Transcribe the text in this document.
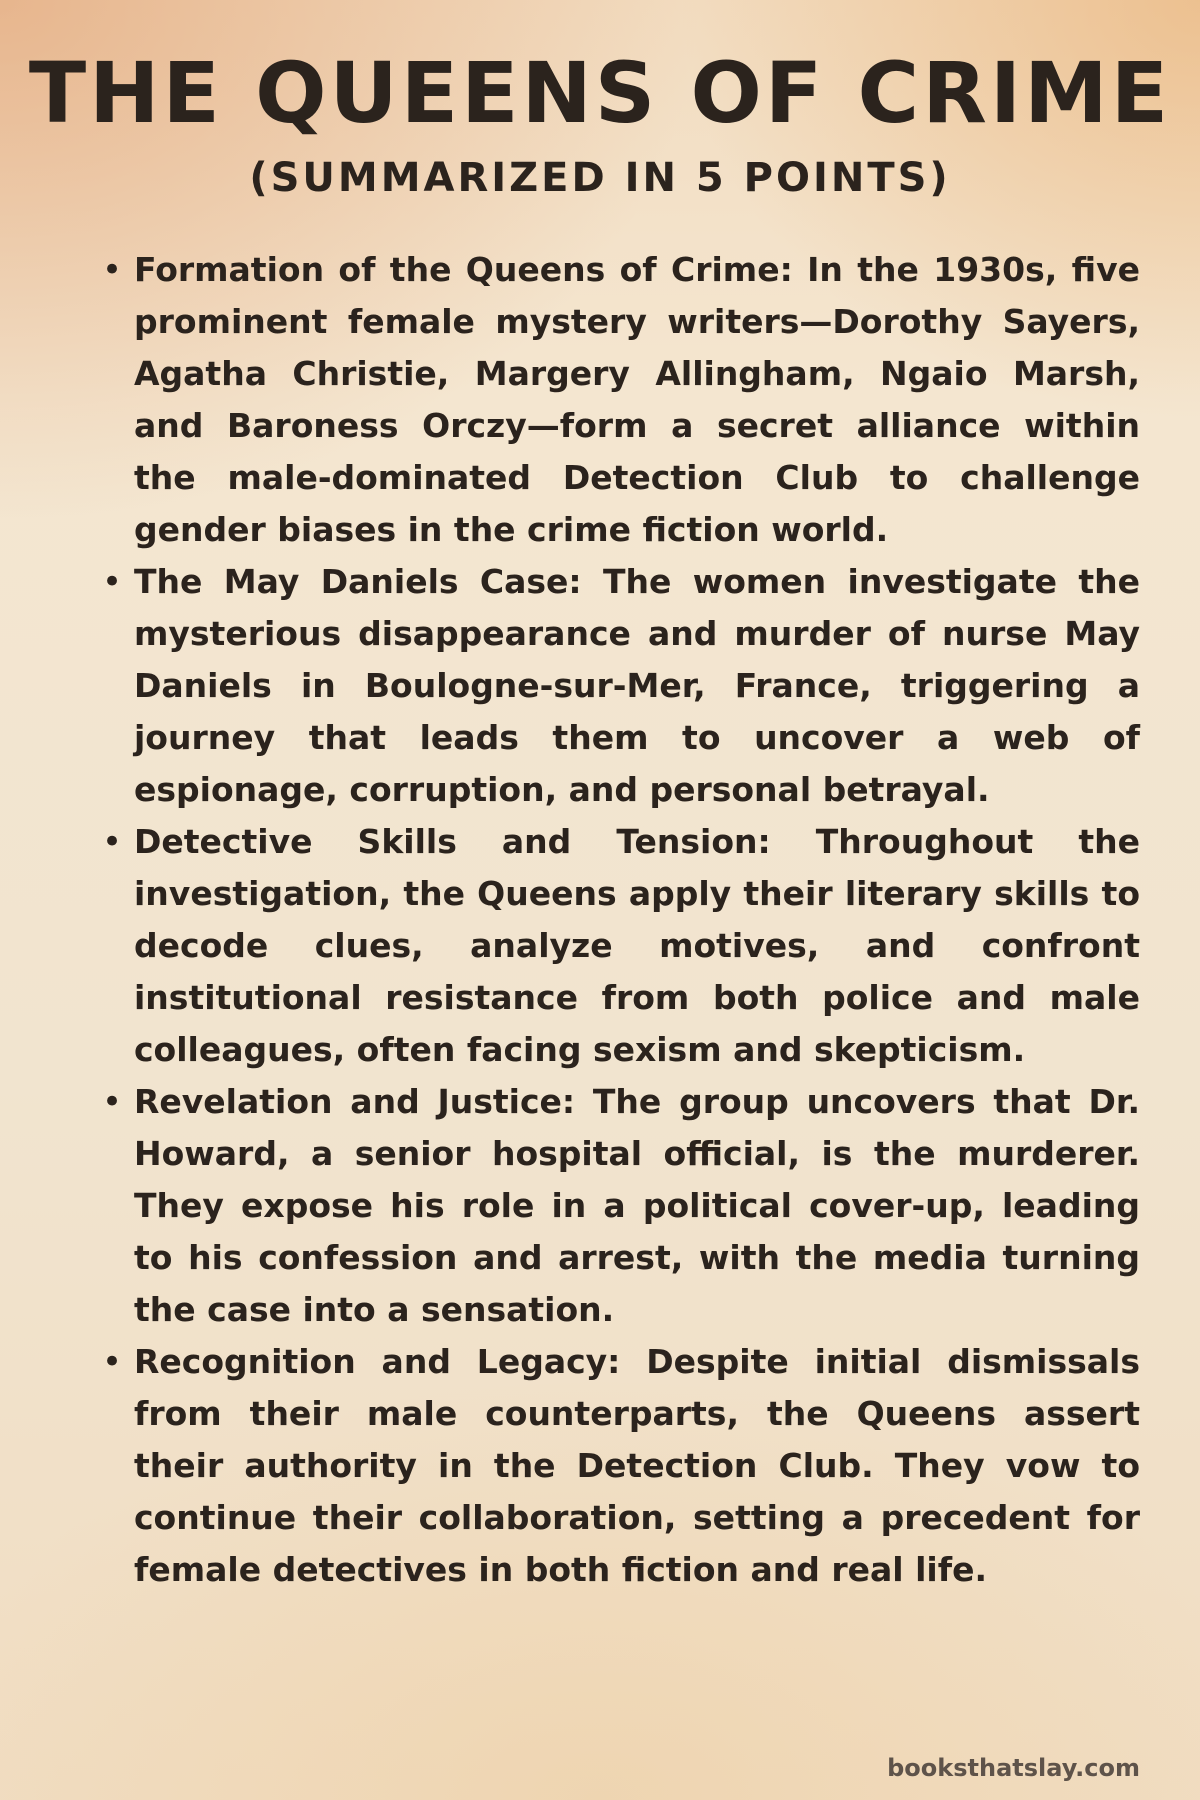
THE QUEENS OF CRIME
(SUMMARIZED IN 5 POINTS)
• Formation of the Queens of Crime: In the 1930s, five prominent female mystery writers—Dorothy Sayers, Agatha Christie, Margery Allingham, Ngaio Marsh, and Baroness Orczy—form a secret alliance within the male-dominated Detection Club to challenge gender biases in the crime fiction world.
• The May Daniels Case: The women investigate the mysterious disappearance and murder of nurse May Daniels in Boulogne-sur-Mer, France, triggering a journey that leads them to uncover a web of espionage, corruption, and personal betrayal.
• Detective Skills and Tension: Throughout the investigation, the Queens apply their literary skills to decode clues, analyze motives, and confront institutional resistance from both police and male colleagues, often facing sexism and skepticism.
• Revelation and Justice: The group uncovers that Dr. Howard, a senior hospital official, is the murderer. They expose his role in a political cover-up, leading to his confession and arrest, with the media turning the case into a sensation.
• Recognition and Legacy: Despite initial dismissals from their male counterparts, the Queens assert their authority in the Detection Club. They vow to continue their collaboration, setting a precedent for female detectives in both fiction and real life.
booksthatslay.com
